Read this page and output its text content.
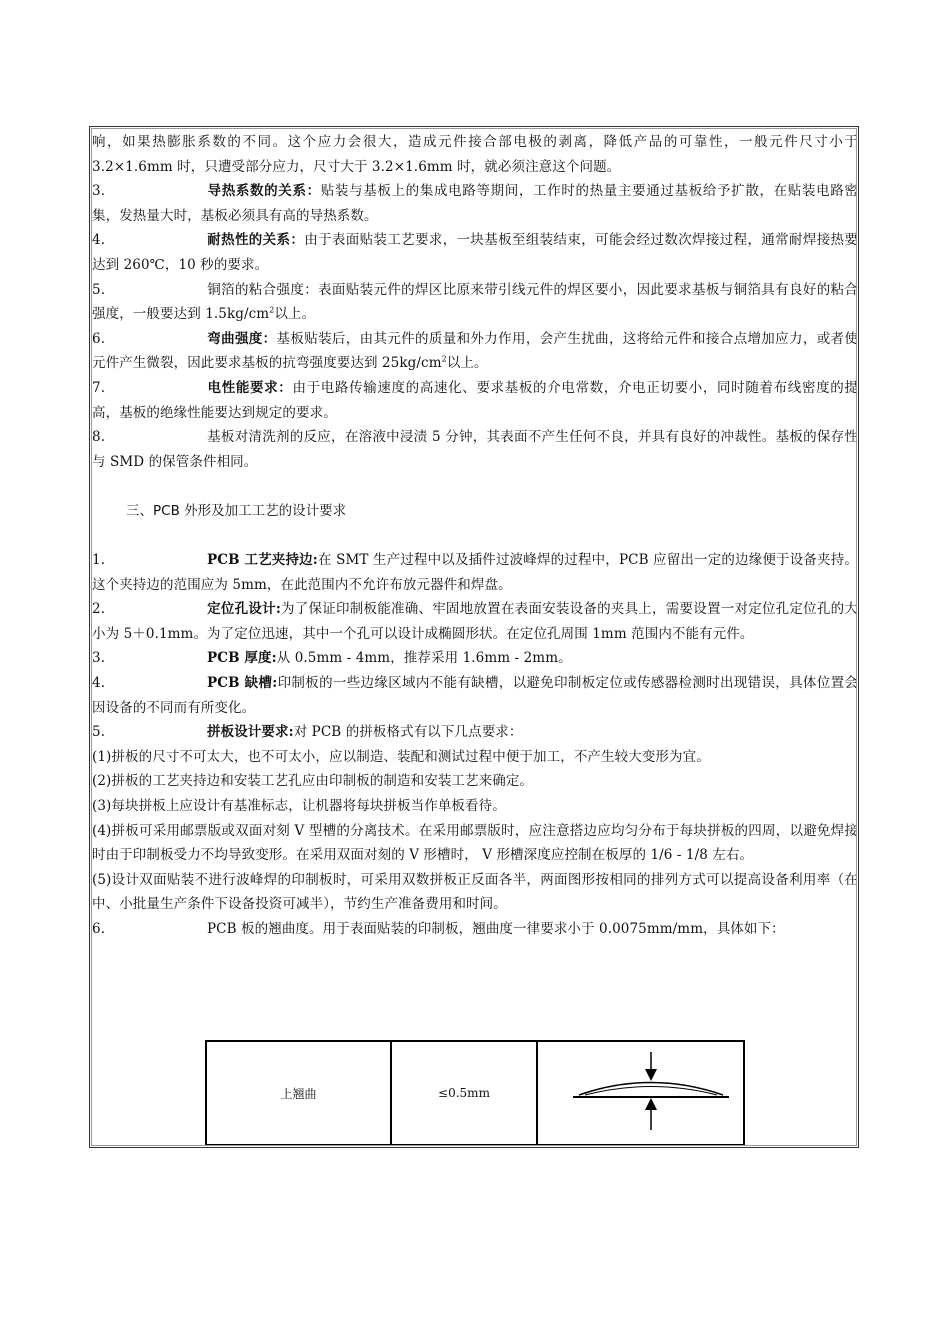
响，如果热膨胀系数的不同。这个应力会很大，造成元件接合部电极的剥离，降低产品的可靠性，一般元件尺寸小于 3.2×1.6mm 时，只遭受部分应力，尺寸大于 3.2×1.6mm 时，就必须注意这个问题。

3.	导热系数的关系：贴装与基板上的集成电路等期间，工作时的热量主要通过基板给予扩散，在贴装电路密集，发热量大时，基板必须具有高的导热系数。

4.	耐热性的关系：由于表面贴装工艺要求，一块基板至组装结束，可能会经过数次焊接过程，通常耐焊接热要达到 260℃，10 秒的要求。

5.	铜箔的粘合强度：表面贴装元件的焊区比原来带引线元件的焊区要小，因此要求基板与铜箔具有良好的粘合强度，一般要达到 $1.5kg/cm^2$以上。

6.	弯曲强度：基板贴装后，由其元件的质量和外力作用，会产生扰曲，这将给元件和接合点增加应力，或者使元件产生微裂，因此要求基板的抗弯强度要达到 $25kg/cm^2$以上。

7.	电性能要求：由于电路传输速度的高速化、要求基板的介电常数，介电正切要小，同时随着布线密度的提高，基板的绝缘性能要达到规定的要求。

8.	基板对清洗剂的反应，在溶液中浸渍 5 分钟，其表面不产生任何不良，并具有良好的冲裁性。基板的保存性与 SMD 的保管条件相同。

三、PCB 外形及加工工艺的设计要求

1.	PCB 工艺夹持边:在 SMT 生产过程中以及插件过波峰焊的过程中，PCB 应留出一定的边缘便于设备夹持。这个夹持边的范围应为 5mm，在此范围内不允许布放元器件和焊盘。

2.	定位孔设计:为了保证印制板能准确、牢固地放置在表面安装设备的夹具上，需要设置一对定位孔定位孔的大小为 5＋0.1mm。为了定位迅速，其中一个孔可以设计成椭圆形状。在定位孔周围 1mm 范围内不能有元件。

3.	PCB 厚度:从 0.5mm - 4mm，推荐采用 1.6mm - 2mm。

4.	PCB 缺槽:印制板的一些边缘区域内不能有缺槽，以避免印制板定位或传感器检测时出现错误，具体位置会因设备的不同而有所变化。

5.	拼板设计要求:对 PCB 的拼板格式有以下几点要求：

(1)拼板的尺寸不可太大，也不可太小，应以制造、装配和测试过程中便于加工，不产生较大变形为宜。

(2)拼板的工艺夹持边和安装工艺孔应由印制板的制造和安装工艺来确定。

(3)每块拼板上应设计有基准标志，让机器将每块拼板当作单板看待。

(4)拼板可采用邮票版或双面对刻 V 型槽的分离技术。在采用邮票版时，应注意搭边应均匀分布于每块拼板的四周，以避免焊接时由于印制板受力不均导致变形。在采用双面对刻的 V 形槽时， V 形槽深度应控制在板厚的 1/6 - 1/8 左右。

(5)设计双面贴装不进行波峰焊的印制板时，可采用双数拼板正反面各半，两面图形按相同的排列方式可以提高设备利用率（在中、小批量生产条件下设备投资可减半），节约生产准备费用和时间。

6.	PCB 板的翘曲度。用于表面贴装的印制板，翘曲度一律要求小于 0.0075mm/mm，具体如下：

上翘曲	≤0.5mm
